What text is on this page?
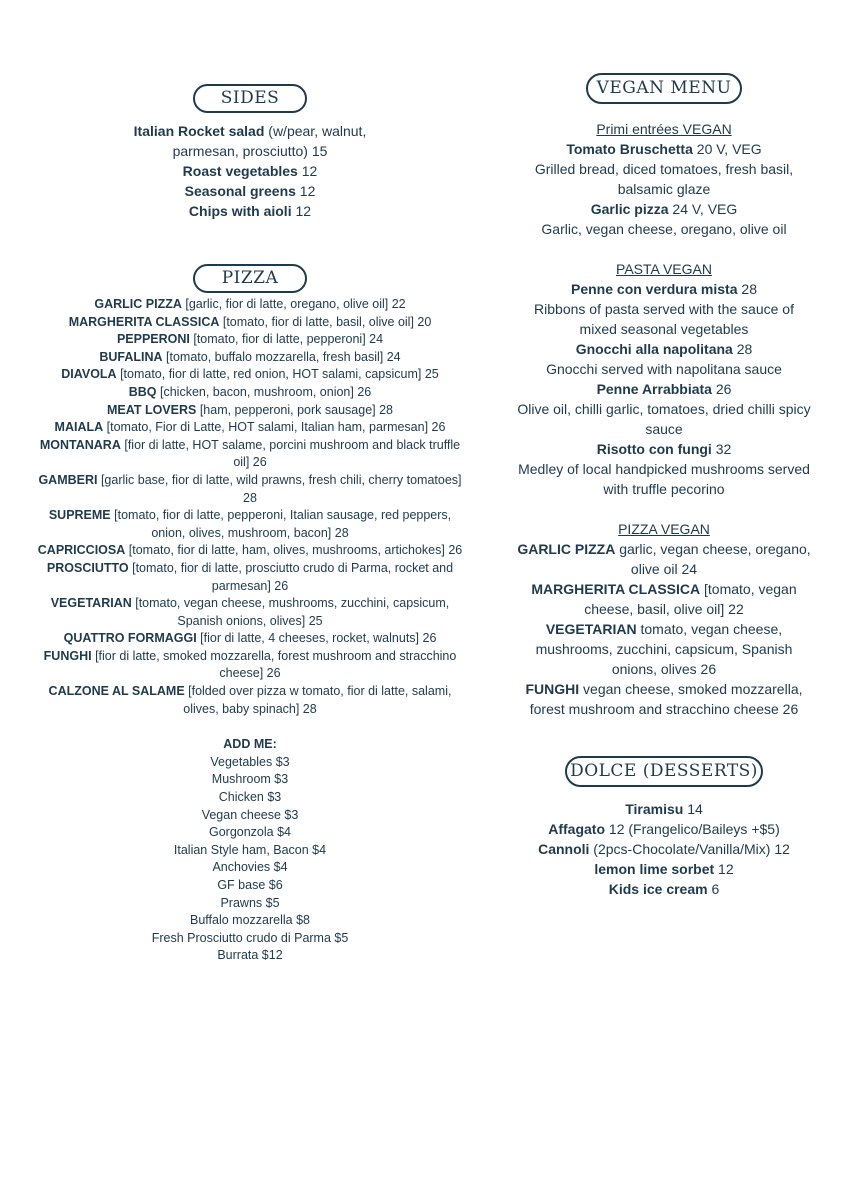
SIDES
Italian Rocket salad (w/pear, walnut,
parmesan, prosciutto) 15
Roast vegetables 12
Seasonal greens 12
Chips with aioli 12
PIZZA
GARLIC PIZZA [garlic, fior di latte, oregano, olive oil] 22
MARGHERITA CLASSICA [tomato, fior di latte, basil, olive oil] 20
PEPPERONI [tomato, fior di latte, pepperoni] 24
BUFALINA [tomato, buffalo mozzarella, fresh basil] 24
DIAVOLA [tomato, fior di latte, red onion, HOT salami, capsicum] 25
BBQ [chicken, bacon, mushroom, onion] 26
MEAT LOVERS [ham, pepperoni, pork sausage] 28
MAIALA [tomato, Fior di Latte, HOT salami, Italian ham, parmesan] 26
MONTANARA [fior di latte, HOT salame, porcini mushroom and black truffle
oil] 26
GAMBERI [garlic base, fior di latte, wild prawns, fresh chili, cherry tomatoes]
28
SUPREME [tomato, fior di latte, pepperoni, Italian sausage, red peppers,
onion, olives, mushroom, bacon] 28
CAPRICCIOSA [tomato, fior di latte, ham, olives, mushrooms, artichokes] 26
PROSCIUTTO [tomato, fior di latte, prosciutto crudo di Parma, rocket and
parmesan] 26
VEGETARIAN [tomato, vegan cheese, mushrooms, zucchini, capsicum,
Spanish onions, olives] 25
QUATTRO FORMAGGI [fior di latte, 4 cheeses, rocket, walnuts] 26
FUNGHI [fior di latte, smoked mozzarella, forest mushroom and stracchino
cheese] 26
CALZONE AL SALAME [folded over pizza w tomato, fior di latte, salami,
olives, baby spinach] 28
ADD ME:
Vegetables $3
Mushroom $3
Chicken $3
Vegan cheese $3
Gorgonzola $4
Italian Style ham, Bacon $4
Anchovies $4
GF base $6
Prawns $5
Buffalo mozzarella $8
Fresh Prosciutto crudo di Parma $5
Burrata $12
VEGAN MENU
Primi entrées VEGAN
Tomato Bruschetta 20 V, VEG
Grilled bread, diced tomatoes, fresh basil,
balsamic glaze
Garlic pizza 24 V, VEG
Garlic, vegan cheese, oregano, olive oil
PASTA VEGAN
Penne con verdura mista 28
Ribbons of pasta served with the sauce of
mixed seasonal vegetables
Gnocchi alla napolitana 28
Gnocchi served with napolitana sauce
Penne Arrabbiata 26
Olive oil, chilli garlic, tomatoes, dried chilli spicy
sauce
Risotto con fungi 32
Medley of local handpicked mushrooms served
with truffle pecorino
PIZZA VEGAN
GARLIC PIZZA garlic, vegan cheese, oregano,
olive oil 24
MARGHERITA CLASSICA [tomato, vegan
cheese, basil, olive oil] 22
VEGETARIAN tomato, vegan cheese,
mushrooms, zucchini, capsicum, Spanish
onions, olives 26
FUNGHI vegan cheese, smoked mozzarella,
forest mushroom and stracchino cheese 26
DOLCE (DESSERTS)
Tiramisu 14
Affagato 12 (Frangelico/Baileys +$5)
Cannoli (2pcs-Chocolate/Vanilla/Mix) 12
lemon lime sorbet 12
Kids ice cream 6
